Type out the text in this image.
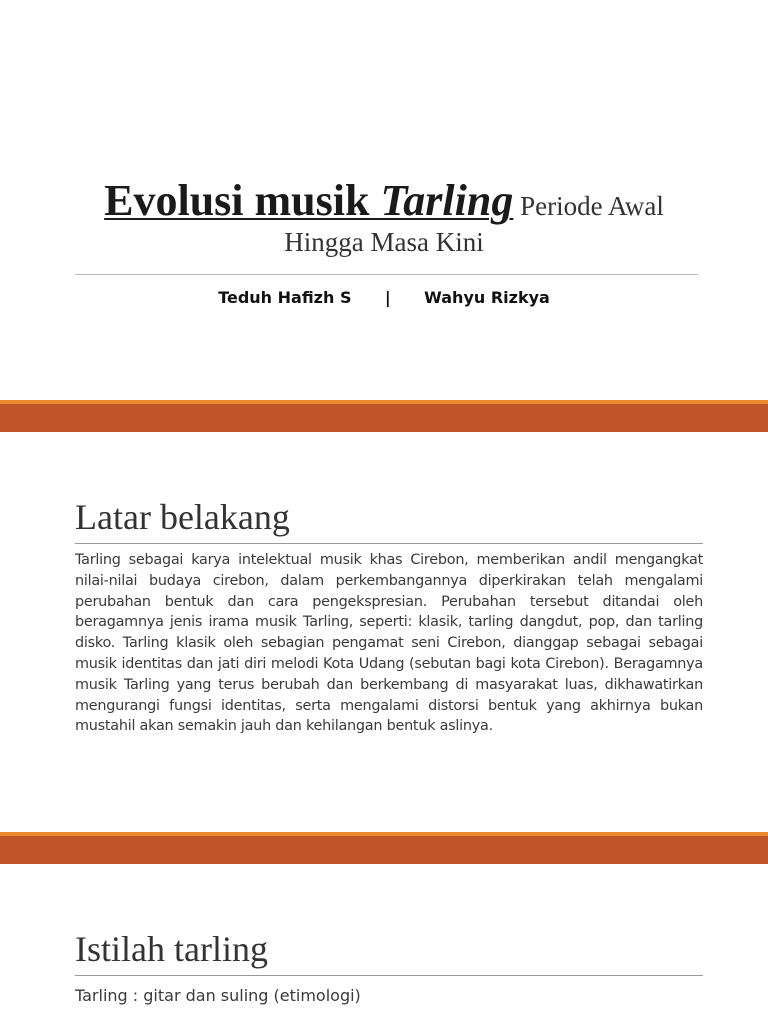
Evolusi musik Tarling Periode Awal
Hingga Masa Kini
Teduh Hafizh S | Wahyu Rizkya
Latar belakang
Tarling sebagai karya intelektual musik khas Cirebon, memberikan andil mengangkat nilai-nilai budaya cirebon, dalam perkembangannya diperkirakan telah mengalami perubahan bentuk dan cara pengekspresian. Perubahan tersebut ditandai oleh beragamnya jenis irama musik Tarling, seperti: klasik, tarling dangdut, pop, dan tarling disko. Tarling klasik oleh sebagian pengamat seni Cirebon, dianggap sebagai sebagai musik identitas dan jati diri melodi Kota Udang (sebutan bagi kota Cirebon). Beragamnya musik Tarling yang terus berubah dan berkembang di masyarakat luas, dikhawatirkan mengurangi fungsi identitas, serta mengalami distorsi bentuk yang akhirnya bukan mustahil akan semakin jauh dan kehilangan bentuk aslinya.
Istilah tarling
Tarling : gitar dan suling (etimologi)
